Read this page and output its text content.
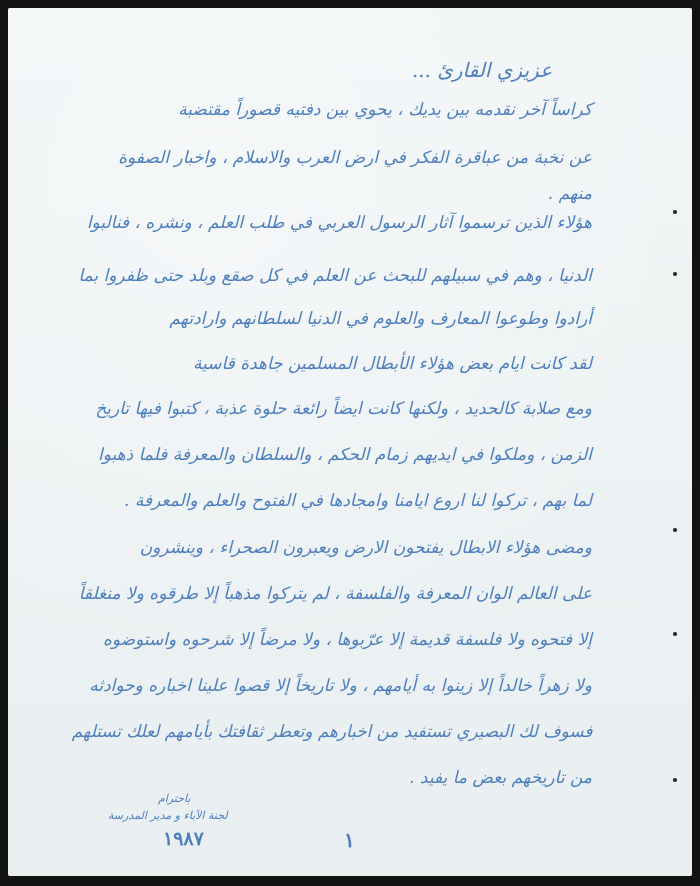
عزيزي القارئ ...
كراساً آخر نقدمه بين يديك ، يحوي بين دفتيه قصوراً مقتضبة
عن نخبة من عباقرة الفكر في ارض العرب والاسلام ، واخبار الصفوة
منهم .
هؤلاء الذين ترسموا آثار الرسول العربي في طلب العلم ، ونشره ، فنالبوا
الدنيا ، وهم في سبيلهم للبحث عن العلم في كل صقع وبلد حتى ظفروا بما
أرادوا وطوعوا المعارف والعلوم في الدنيا لسلطانهم وارادتهم
لقد كانت ايام بعض هؤلاء الأبطال المسلمين جاهدة قاسية
ومع صلابة كالحديد ، ولكنها كانت ايضاً رائعة حلوة عذبة ، كتبوا فيها تاريخ
الزمن ، وملكوا في ايديهم زمام الحكم ، والسلطان والمعرفة فلما ذهبوا
لما بهم ، تركوا لنا اروع ايامنا وامجادها في الفتوح والعلم والمعرفة .
ومضى هؤلاء الابطال يفتحون الارض ويعبرون الصحراء ، وينشرون
على العالم الوان المعرفة والفلسفة ، لم يتركوا مذهباً إلا طرقوه ولا منغلقاً
إلا فتحوه ولا فلسفة قديمة إلا عرّبوها ، ولا مرضاً إلا شرحوه واستوضوه
ولا زهراً خالداً إلا زينوا به أيامهم ، ولا تاريخاً إلا قصوا علينا اخباره وحوادثه
فسوف لك البصيري تستفيد من اخبارهم وتعطر ثقافتك بأيامهم لعلك تستلهم
من تاريخهم بعض ما يفيد .
باحترام
لجنة الآباء و مدير المدرسة
١٩٨٧	١
